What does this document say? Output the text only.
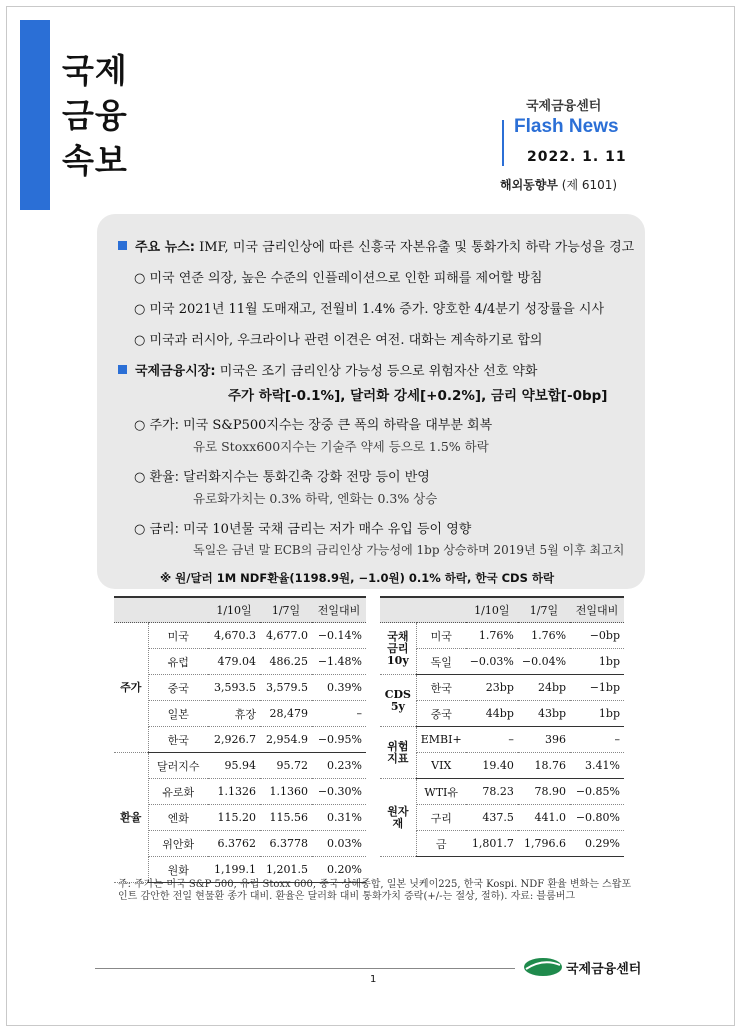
국제
금융
속보
국제금융센터
Flash News
2022. 1. 11
해외동향부 (제 6101)
주요 뉴스: IMF, 미국 금리인상에 따른 신흥국 자본유출 및 통화가치 하락 가능성을 경고
○ 미국 연준 의장, 높은 수준의 인플레이션으로 인한 피해를 제어할 방침
○ 미국 2021년 11월 도매재고, 전월비 1.4% 증가. 양호한 4/4분기 성장률을 시사
○ 미국과 러시아, 우크라이나 관련 이견은 여전. 대화는 계속하기로 합의
국제금융시장: 미국은 조기 금리인상 가능성 등으로 위험자산 선호 약화
주가 하락[-0.1%], 달러화 강세[+0.2%], 금리 약보합[-0bp]
○ 주가: 미국 S&P500지수는 장중 큰 폭의 하락을 대부분 회복
유로 Stoxx600지수는 기술주 약세 등으로 1.5% 하락
○ 환율: 달러화지수는 통화긴축 강화 전망 등이 반영
유로화가치는 0.3% 하락, 엔화는 0.3% 상승
○ 금리: 미국 10년물 국채 금리는 저가 매수 유입 등이 영향
독일은 금년 말 ECB의 금리인상 가능성에 1bp 상승하며 2019년 5월 이후 최고치
※ 원/달러 1M NDF환율(1198.9원, −1.0원) 0.1% 하락, 한국 CDS 하락
		1/10일	1/7일	전일대비
주가	미국	4,670.3	4,677.0	−0.14%
	유럽	479.04	486.25	−1.48%
	중국	3,593.5	3,579.5	0.39%
	일본	휴장	28,479	–
	한국	2,926.7	2,954.9	−0.95%
환율	달러지수	95.94	95.72	0.23%
	유로화	1.1326	1.1360	−0.30%
	엔화	115.20	115.56	0.31%
	위안화	6.3762	6.3778	0.03%
	원화	1,199.1	1,201.5	0.20%
		1/10일	1/7일	전일대비
국채 금리 10y	미국	1.76%	1.76%	−0bp
	독일	−0.03%	−0.04%	1bp
CDS 5y	한국	23bp	24bp	−1bp
	중국	44bp	43bp	1bp
위험 지표	EMBI+	–	396	–
	VIX	19.40	18.76	3.41%
원자재	WTI유	78.23	78.90	−0.85%
	구리	437.5	441.0	−0.80%
	금	1,801.7	1,796.6	0.29%
주: 주가는 미국 S&P 500, 유럽 Stoxx 600, 중국 상해종합, 일본 닛케이225, 한국 Kospi. NDF 환율 변화는 스왑포인트 감안한 전일 현물환 종가 대비. 환율은 달러화 대비 통화가치 증락(+/-는 절상, 절하). 자료: 블룸버그
1
국제금융센터
